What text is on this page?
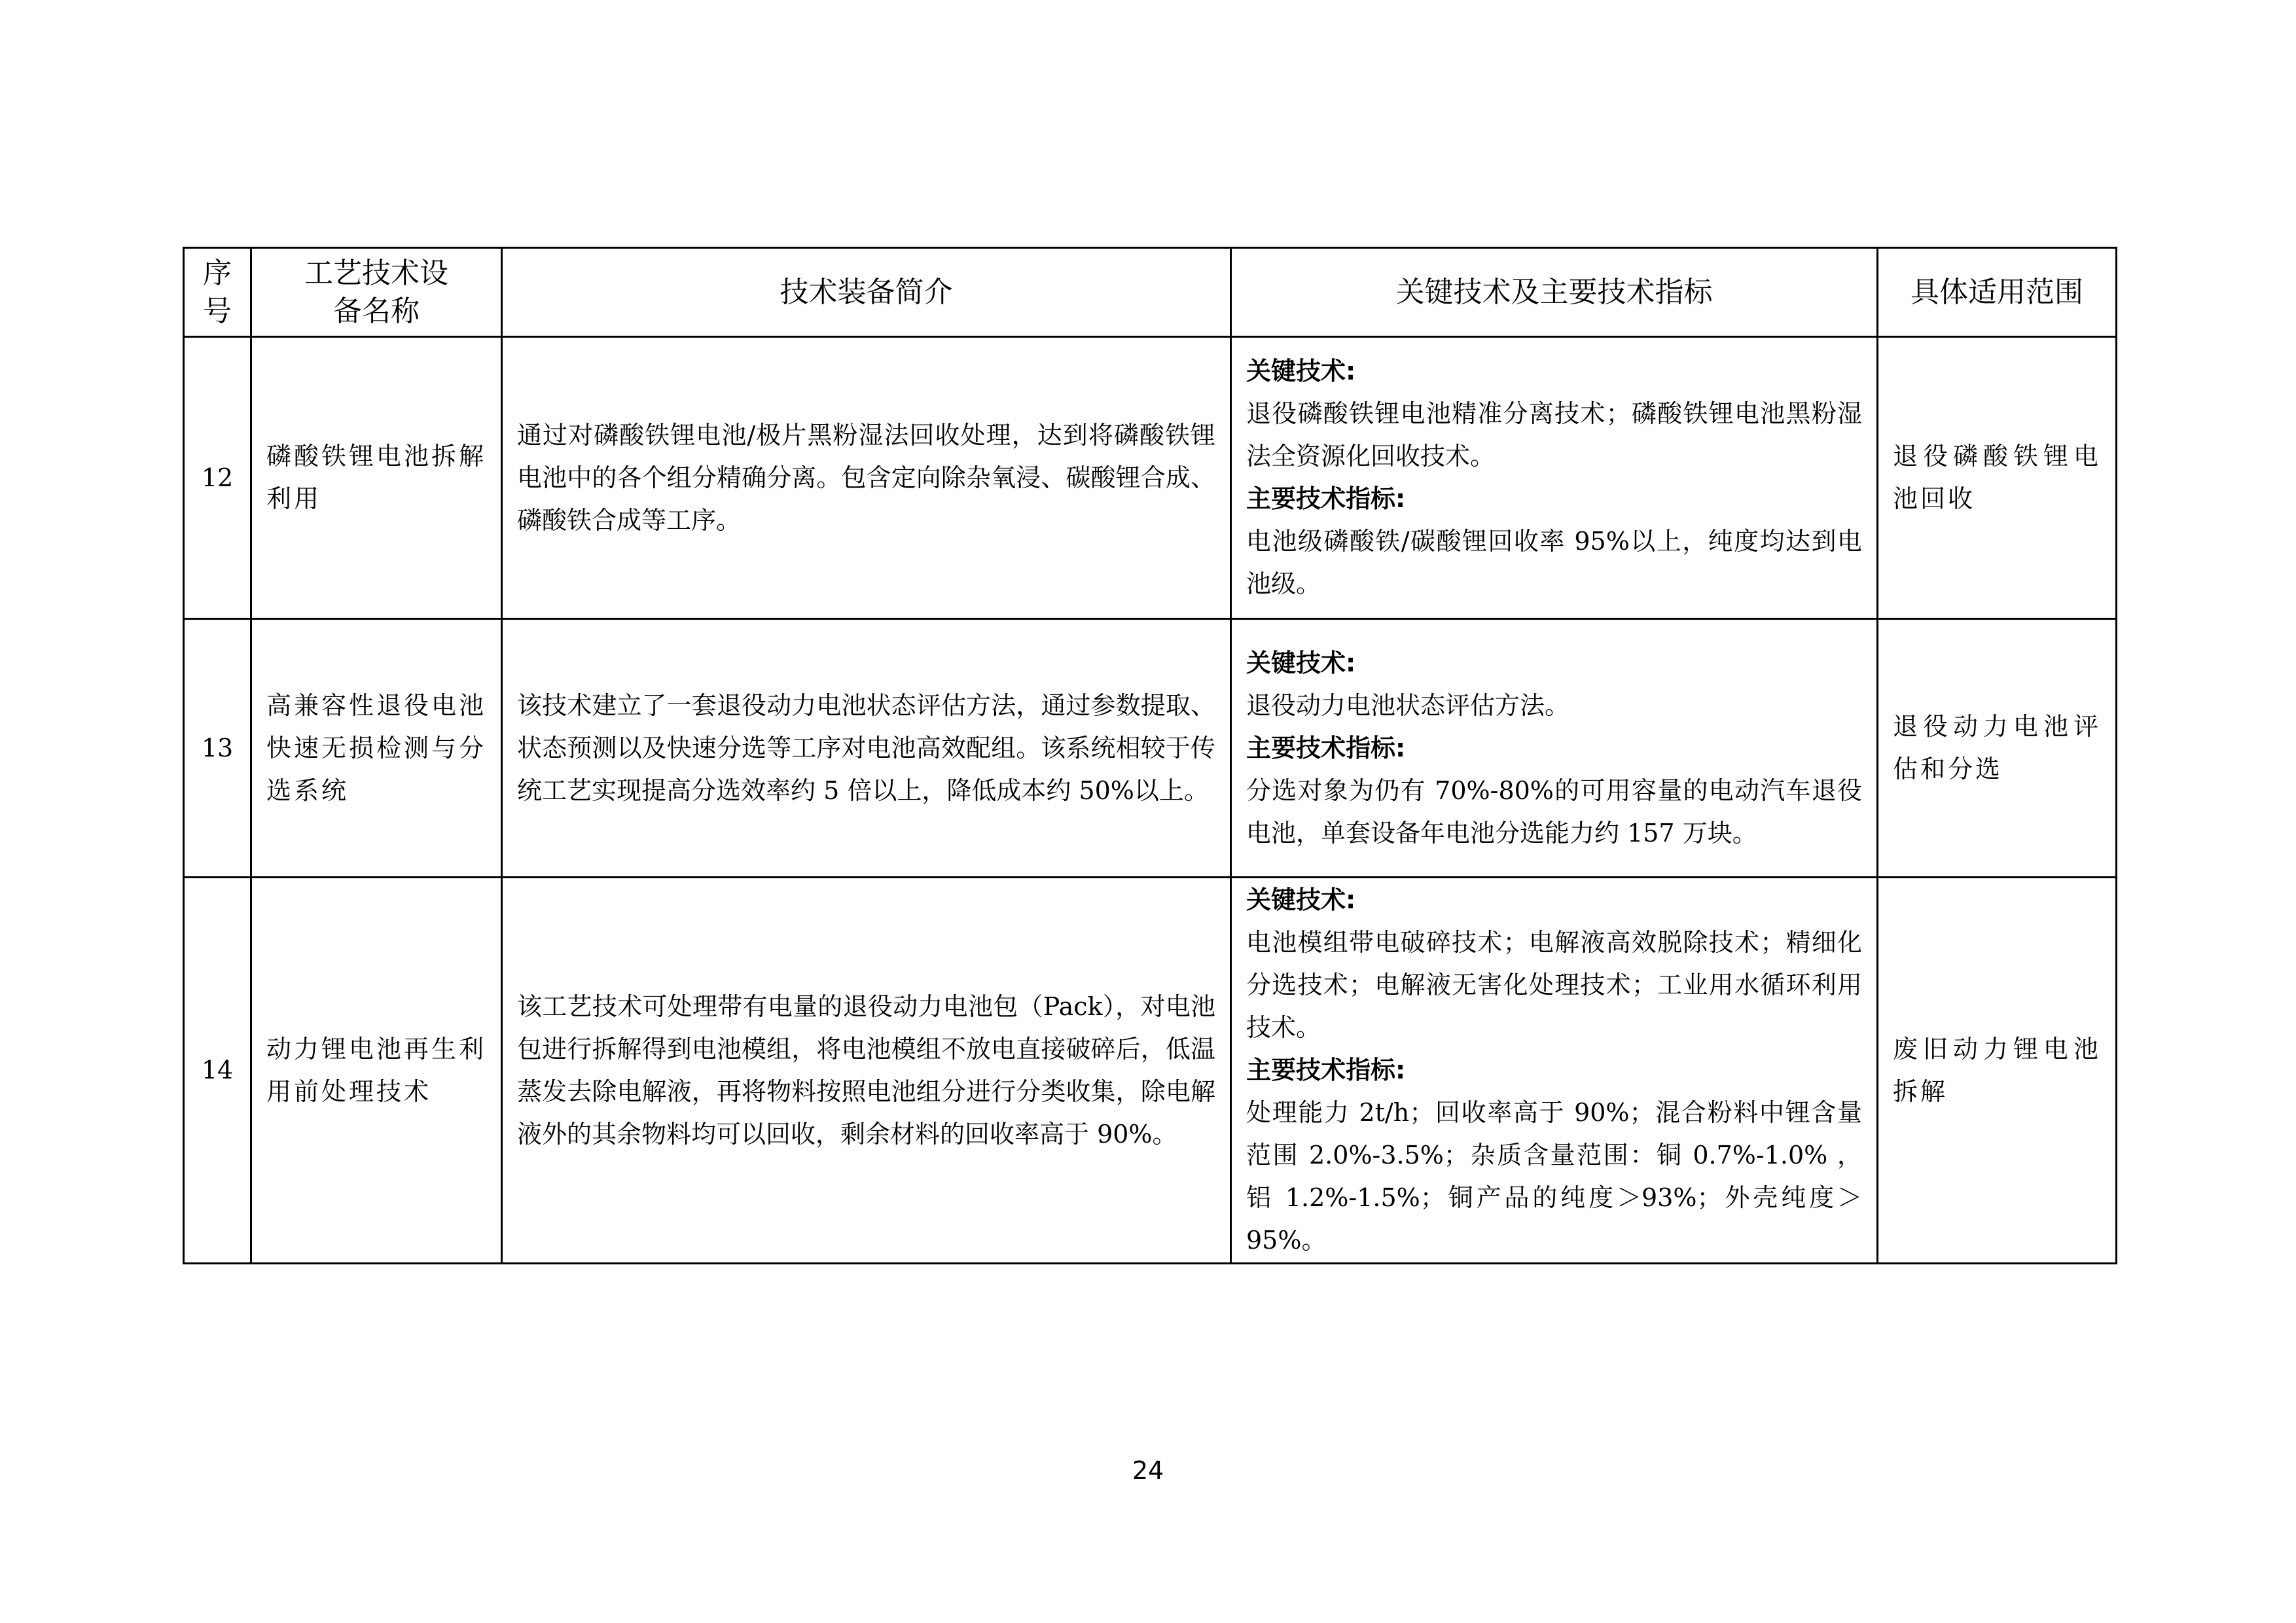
序号	工艺技术设备名称	技术装备简介	关键技术及主要技术指标	具体适用范围
12	磷酸铁锂电池拆解利用	通过对磷酸铁锂电池/极片黑粉湿法回收处理，达到将磷酸铁锂电池中的各个组分精确分离。包含定向除杂氧浸、碳酸锂合成、磷酸铁合成等工序。	关键技术:
退役磷酸铁锂电池精准分离技术；磷酸铁锂电池黑粉湿法全资源化回收技术。
主要技术指标:
电池级磷酸铁/碳酸锂回收率 95%以上，纯度均达到电池级。	退役磷酸铁锂电池回收
13	高兼容性退役电池快速无损检测与分选系统	该技术建立了一套退役动力电池状态评估方法，通过参数提取、状态预测以及快速分选等工序对电池高效配组。该系统相较于传统工艺实现提高分选效率约 5 倍以上，降低成本约 50%以上。	关键技术:
退役动力电池状态评估方法。
主要技术指标:
分选对象为仍有 70%-80%的可用容量的电动汽车退役电池，单套设备年电池分选能力约 157 万块。	退役动力电池评估和分选
14	动力锂电池再生利用前处理技术	该工艺技术可处理带有电量的退役动力电池包（Pack），对电池包进行拆解得到电池模组，将电池模组不放电直接破碎后，低温蒸发去除电解液，再将物料按照电池组分进行分类收集，除电解液外的其余物料均可以回收，剩余材料的回收率高于 90%。	关键技术:
电池模组带电破碎技术；电解液高效脱除技术；精细化分选技术；电解液无害化处理技术；工业用水循环利用技术。
主要技术指标:
处理能力 2t/h；回收率高于 90%；混合粉料中锂含量范围 2.0%-3.5%；杂质含量范围：铜 0.7%-1.0% ，铝 1.2%-1.5%；铜产品的纯度＞93%；外壳纯度＞95%。	废旧动力锂电池拆解
24
